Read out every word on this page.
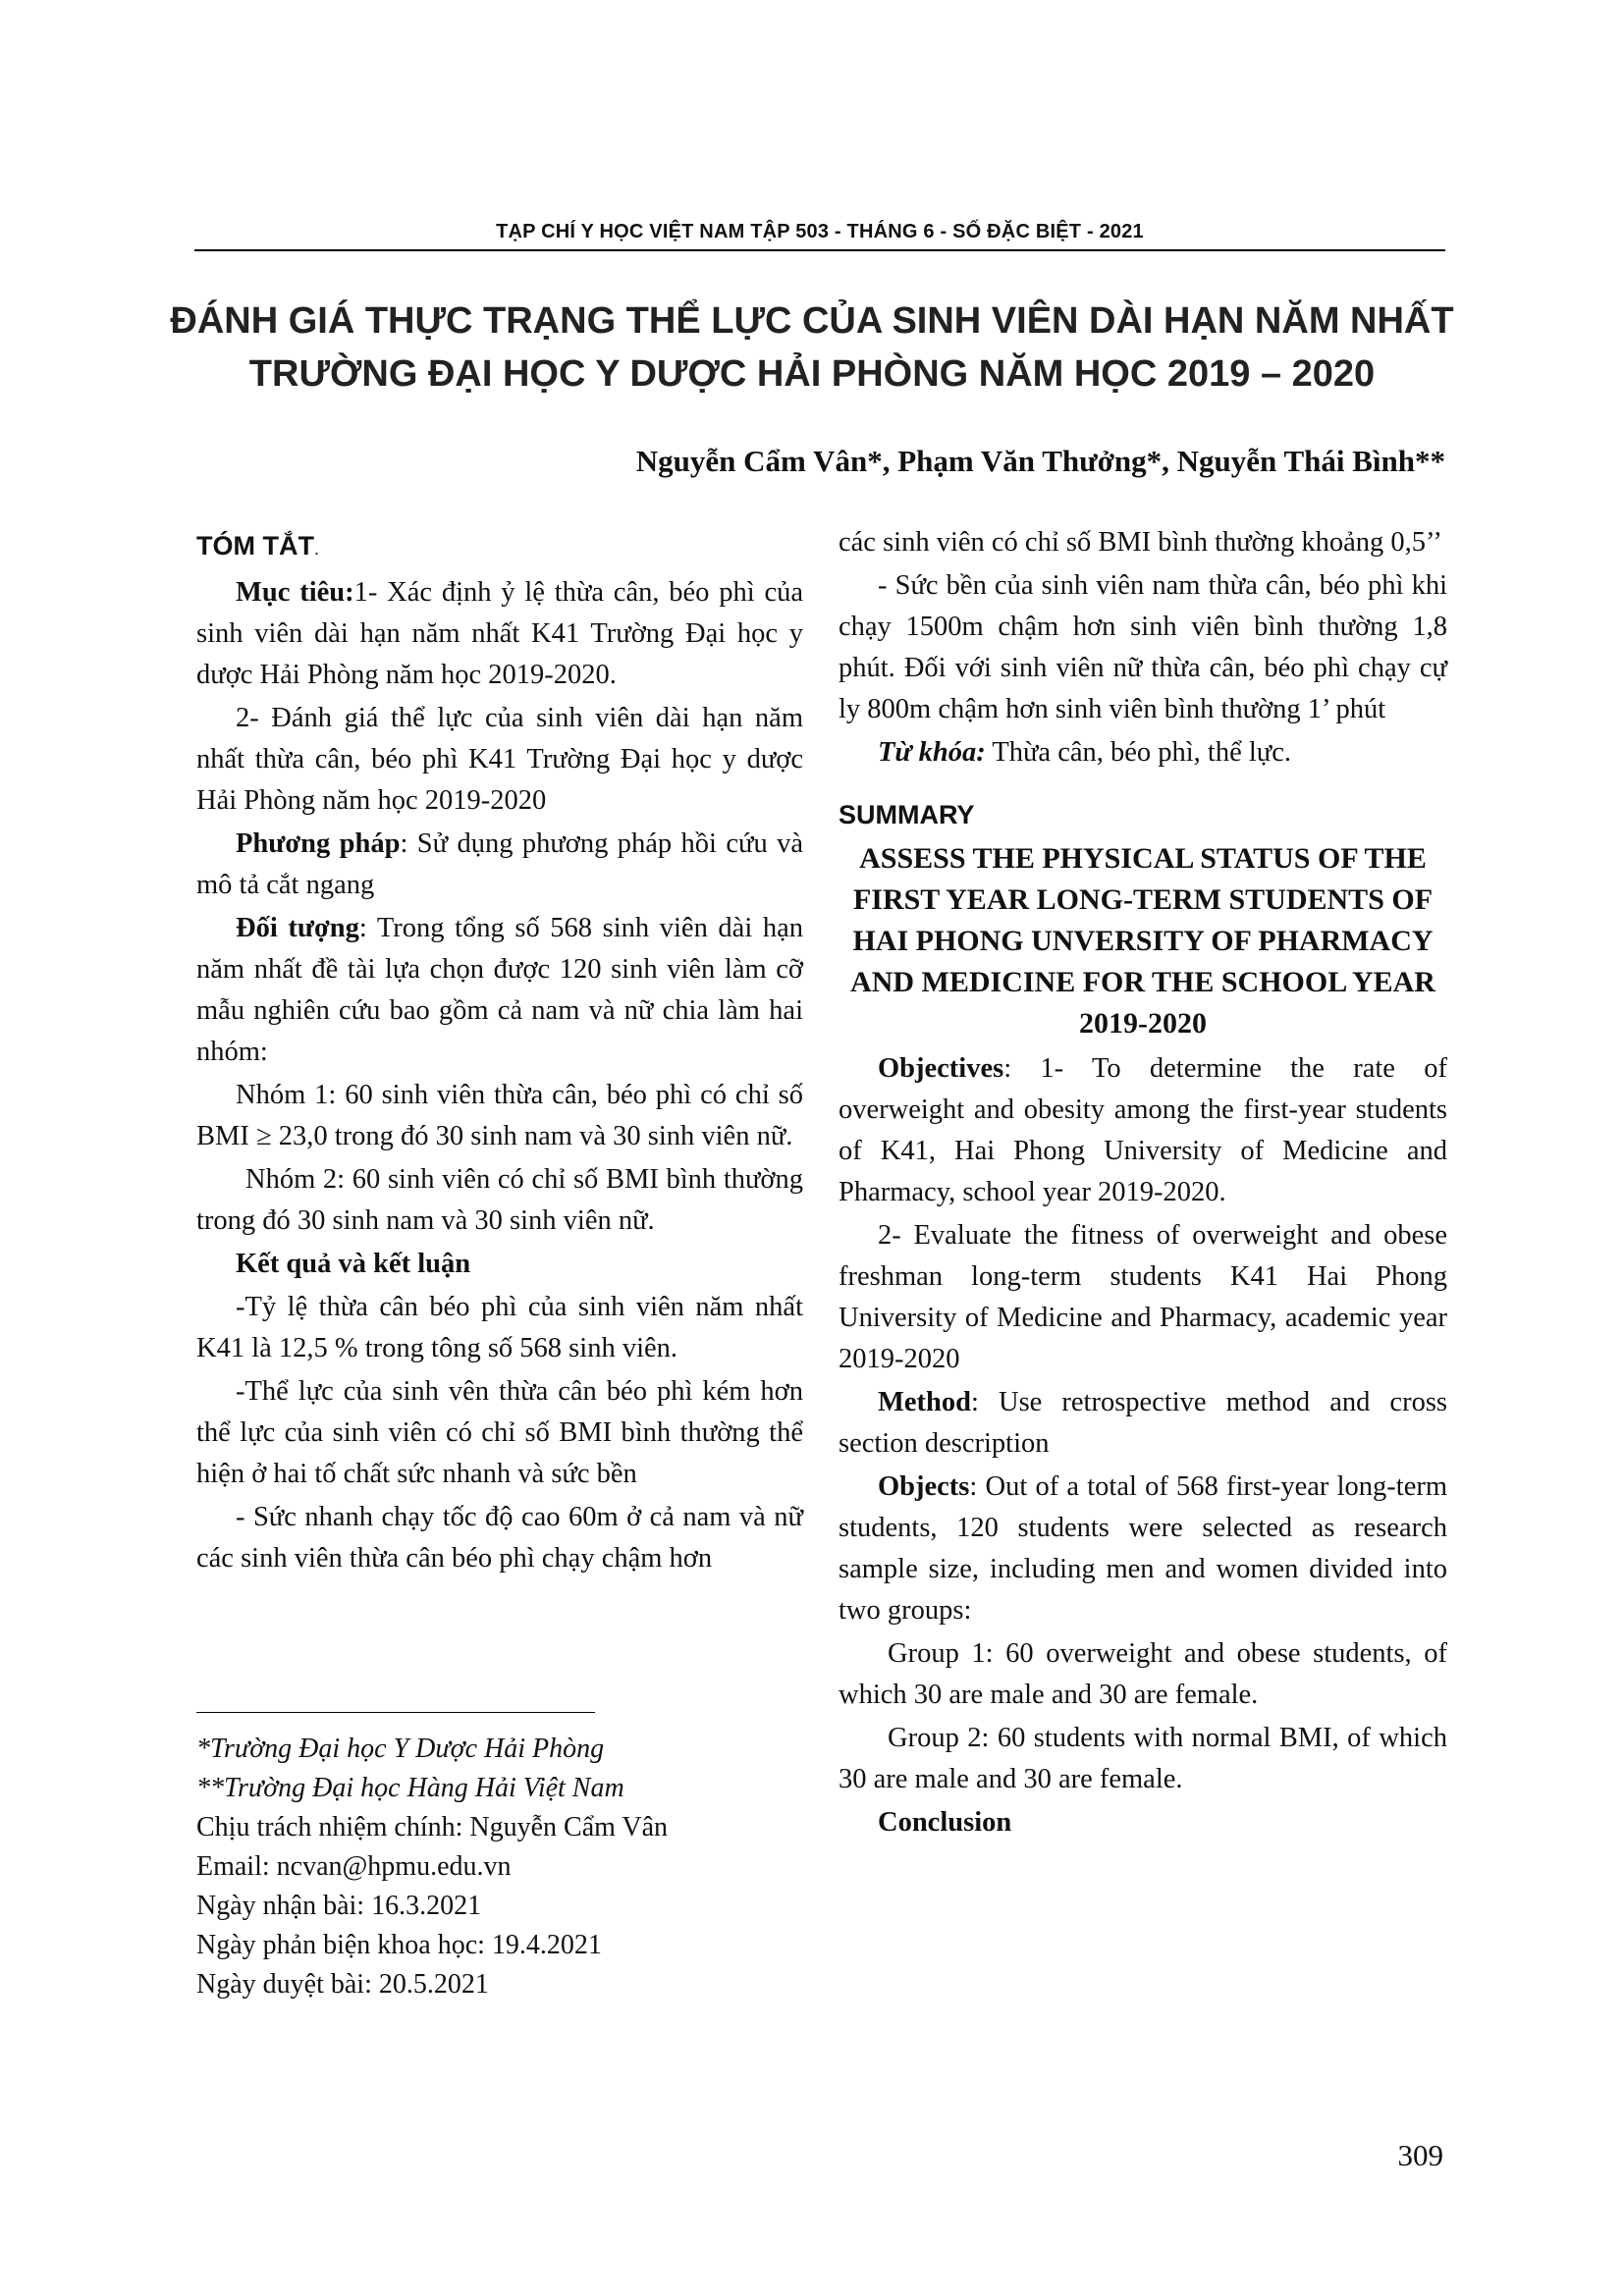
TẠP CHÍ Y HỌC VIỆT NAM TẬP 503 - THÁNG 6 - SỐ ĐẶC BIỆT - 2021
ĐÁNH GIÁ THỰC TRẠNG THỂ LỰC CỦA SINH VIÊN DÀI HẠN NĂM NHẤT
TRƯỜNG ĐẠI HỌC Y DƯỢC HẢI PHÒNG NĂM HỌC 2019 – 2020
Nguyễn Cẩm Vân*, Phạm Văn Thưởng*, Nguyễn Thái Bình**
TÓM TẮT.

Mục tiêu:1- Xác định ỷ lệ thừa cân, béo phì của sinh viên dài hạn năm nhất K41 Trường Đại học y dược Hải Phòng năm học 2019-2020.

2- Đánh giá thể lực của sinh viên dài hạn năm nhất thừa cân, béo phì K41 Trường Đại học y dược Hải Phòng năm học 2019-2020

Phương pháp: Sử dụng phương pháp hồi cứu và mô tả cắt ngang

Đối tượng: Trong tổng số 568 sinh viên dài hạn năm nhất đề tài lựa chọn được 120 sinh viên làm cỡ mẫu nghiên cứu bao gồm cả nam và nữ chia làm hai nhóm:

Nhóm 1: 60 sinh viên thừa cân, béo phì có chỉ số BMI ≥ 23,0 trong đó 30 sinh nam và 30 sinh viên nữ.

Nhóm 2: 60 sinh viên có chỉ số BMI bình thường trong đó 30 sinh nam và 30 sinh viên nữ.

Kết quả và kết luận

-Tỷ lệ thừa cân béo phì của sinh viên năm nhất K41 là 12,5 % trong tông số 568 sinh viên.

-Thể lực của sinh vên thừa cân béo phì kém hơn thể lực của sinh viên có chỉ số BMI bình thường thể hiện ở hai tố chất sức nhanh và sức bền

- Sức nhanh chạy tốc độ cao 60m ở cả nam và nữ các sinh viên thừa cân béo phì chạy chậm hơn

các sinh viên có chỉ số BMI bình thường khoảng 0,5’’

- Sức bền của sinh viên nam thừa cân, béo phì khi chạy 1500m chậm hơn sinh viên bình thường 1,8 phút. Đối với sinh viên nữ thừa cân, béo phì chạy cự ly 800m chậm hơn sinh viên bình thường 1’ phút

Từ khóa: Thừa cân, béo phì, thể lực.

SUMMARY
ASSESS THE PHYSICAL STATUS OF THE FIRST YEAR LONG-TERM STUDENTS OF HAI PHONG UNVERSITY OF PHARMACY AND MEDICINE FOR THE SCHOOL YEAR 2019-2020

Objectives: 1- To determine the rate of overweight and obesity among the first-year students of K41, Hai Phong University of Medicine and Pharmacy, school year 2019-2020.

2- Evaluate the fitness of overweight and obese freshman long-term students K41 Hai Phong University of Medicine and Pharmacy, academic year 2019-2020

Method: Use retrospective method and cross section description

Objects: Out of a total of 568 first-year long-term students, 120 students were selected as research sample size, including men and women divided into two groups:

Group 1: 60 overweight and obese students, of which 30 are male and 30 are female.

Group 2: 60 students with normal BMI, of which 30 are male and 30 are female.

Conclusion

*Trường Đại học Y Dược Hải Phòng
**Trường Đại học Hàng Hải Việt Nam
Chịu trách nhiệm chính: Nguyễn Cẩm Vân
Email: ncvan@hpmu.edu.vn
Ngày nhận bài: 16.3.2021
Ngày phản biện khoa học: 19.4.2021
Ngày duyệt bài: 20.5.2021
309
